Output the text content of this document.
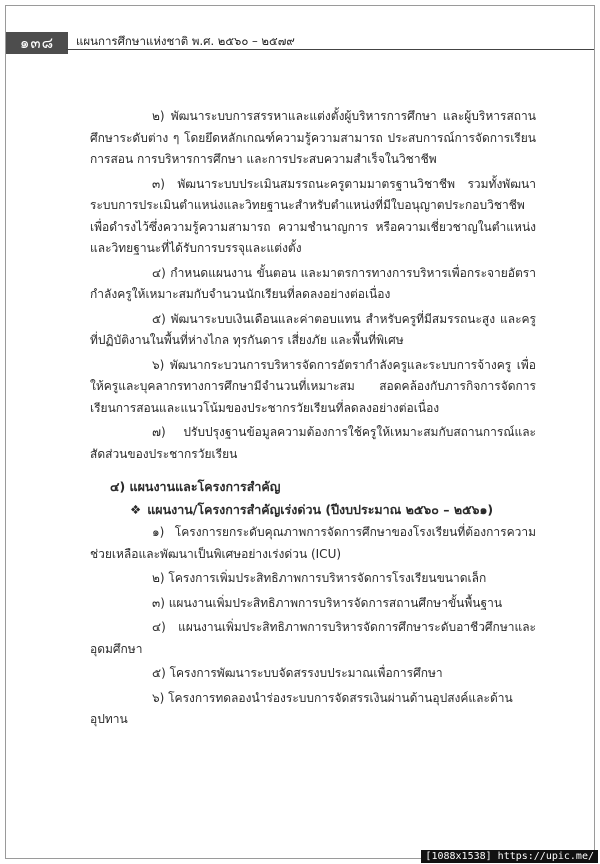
๑๓๘	แผนการศึกษาแห่งชาติ พ.ศ. ๒๕๖๐ – ๒๕๗๙

๒) พัฒนาระบบการสรรหาและแต่งตั้งผู้บริหารการศึกษา และผู้บริหารสถานศึกษาระดับต่าง ๆ โดยยึดหลักเกณฑ์ความรู้ความสามารถ ประสบการณ์การจัดการเรียนการสอน การบริหารการศึกษา และการประสบความสำเร็จในวิชาชีพ

๓) พัฒนาระบบประเมินสมรรถนะครูตามมาตรฐานวิชาชีพ รวมทั้งพัฒนาระบบการประเมินตำแหน่งและวิทยฐานะสำหรับตำแหน่งที่มีใบอนุญาตประกอบวิชาชีพ เพื่อดำรงไว้ซึ่งความรู้ความสามารถ ความชำนาญการ หรือความเชี่ยวชาญในตำแหน่งและวิทยฐานะที่ได้รับการบรรจุและแต่งตั้ง

๔) กำหนดแผนงาน ขั้นตอน และมาตรการทางการบริหารเพื่อกระจายอัตรากำลังครูให้เหมาะสมกับจำนวนนักเรียนที่ลดลงอย่างต่อเนื่อง

๕) พัฒนาระบบเงินเดือนและค่าตอบแทน สำหรับครูที่มีสมรรถนะสูง และครูที่ปฏิบัติงานในพื้นที่ห่างไกล ทุรกันดาร เสี่ยงภัย และพื้นที่พิเศษ

๖) พัฒนากระบวนการบริหารจัดการอัตรากำลังครูและระบบการจ้างครู เพื่อให้ครูและบุคลากรทางการศึกษามีจำนวนที่เหมาะสม สอดคล้องกับภารกิจการจัดการเรียนการสอนและแนวโน้มของประชากรวัยเรียนที่ลดลงอย่างต่อเนื่อง

๗) ปรับปรุงฐานข้อมูลความต้องการใช้ครูให้เหมาะสมกับสถานการณ์และสัดส่วนของประชากรวัยเรียน

๔) แผนงานและโครงการสำคัญ
❖ แผนงาน/โครงการสำคัญเร่งด่วน (ปีงบประมาณ ๒๕๖๐ – ๒๕๖๑)

๑) โครงการยกระดับคุณภาพการจัดการศึกษาของโรงเรียนที่ต้องการความช่วยเหลือและพัฒนาเป็นพิเศษอย่างเร่งด่วน (ICU)

๒) โครงการเพิ่มประสิทธิภาพการบริหารจัดการโรงเรียนขนาดเล็ก

๓) แผนงานเพิ่มประสิทธิภาพการบริหารจัดการสถานศึกษาขั้นพื้นฐาน

๔) แผนงานเพิ่มประสิทธิภาพการบริหารจัดการศึกษาระดับอาชีวศึกษาและอุดมศึกษา

๕) โครงการพัฒนาระบบจัดสรรงบประมาณเพื่อการศึกษา

๖) โครงการทดลองนำร่องระบบการจัดสรรเงินผ่านด้านอุปสงค์และด้านอุปทาน

[1088x1538] https://upic.me/
